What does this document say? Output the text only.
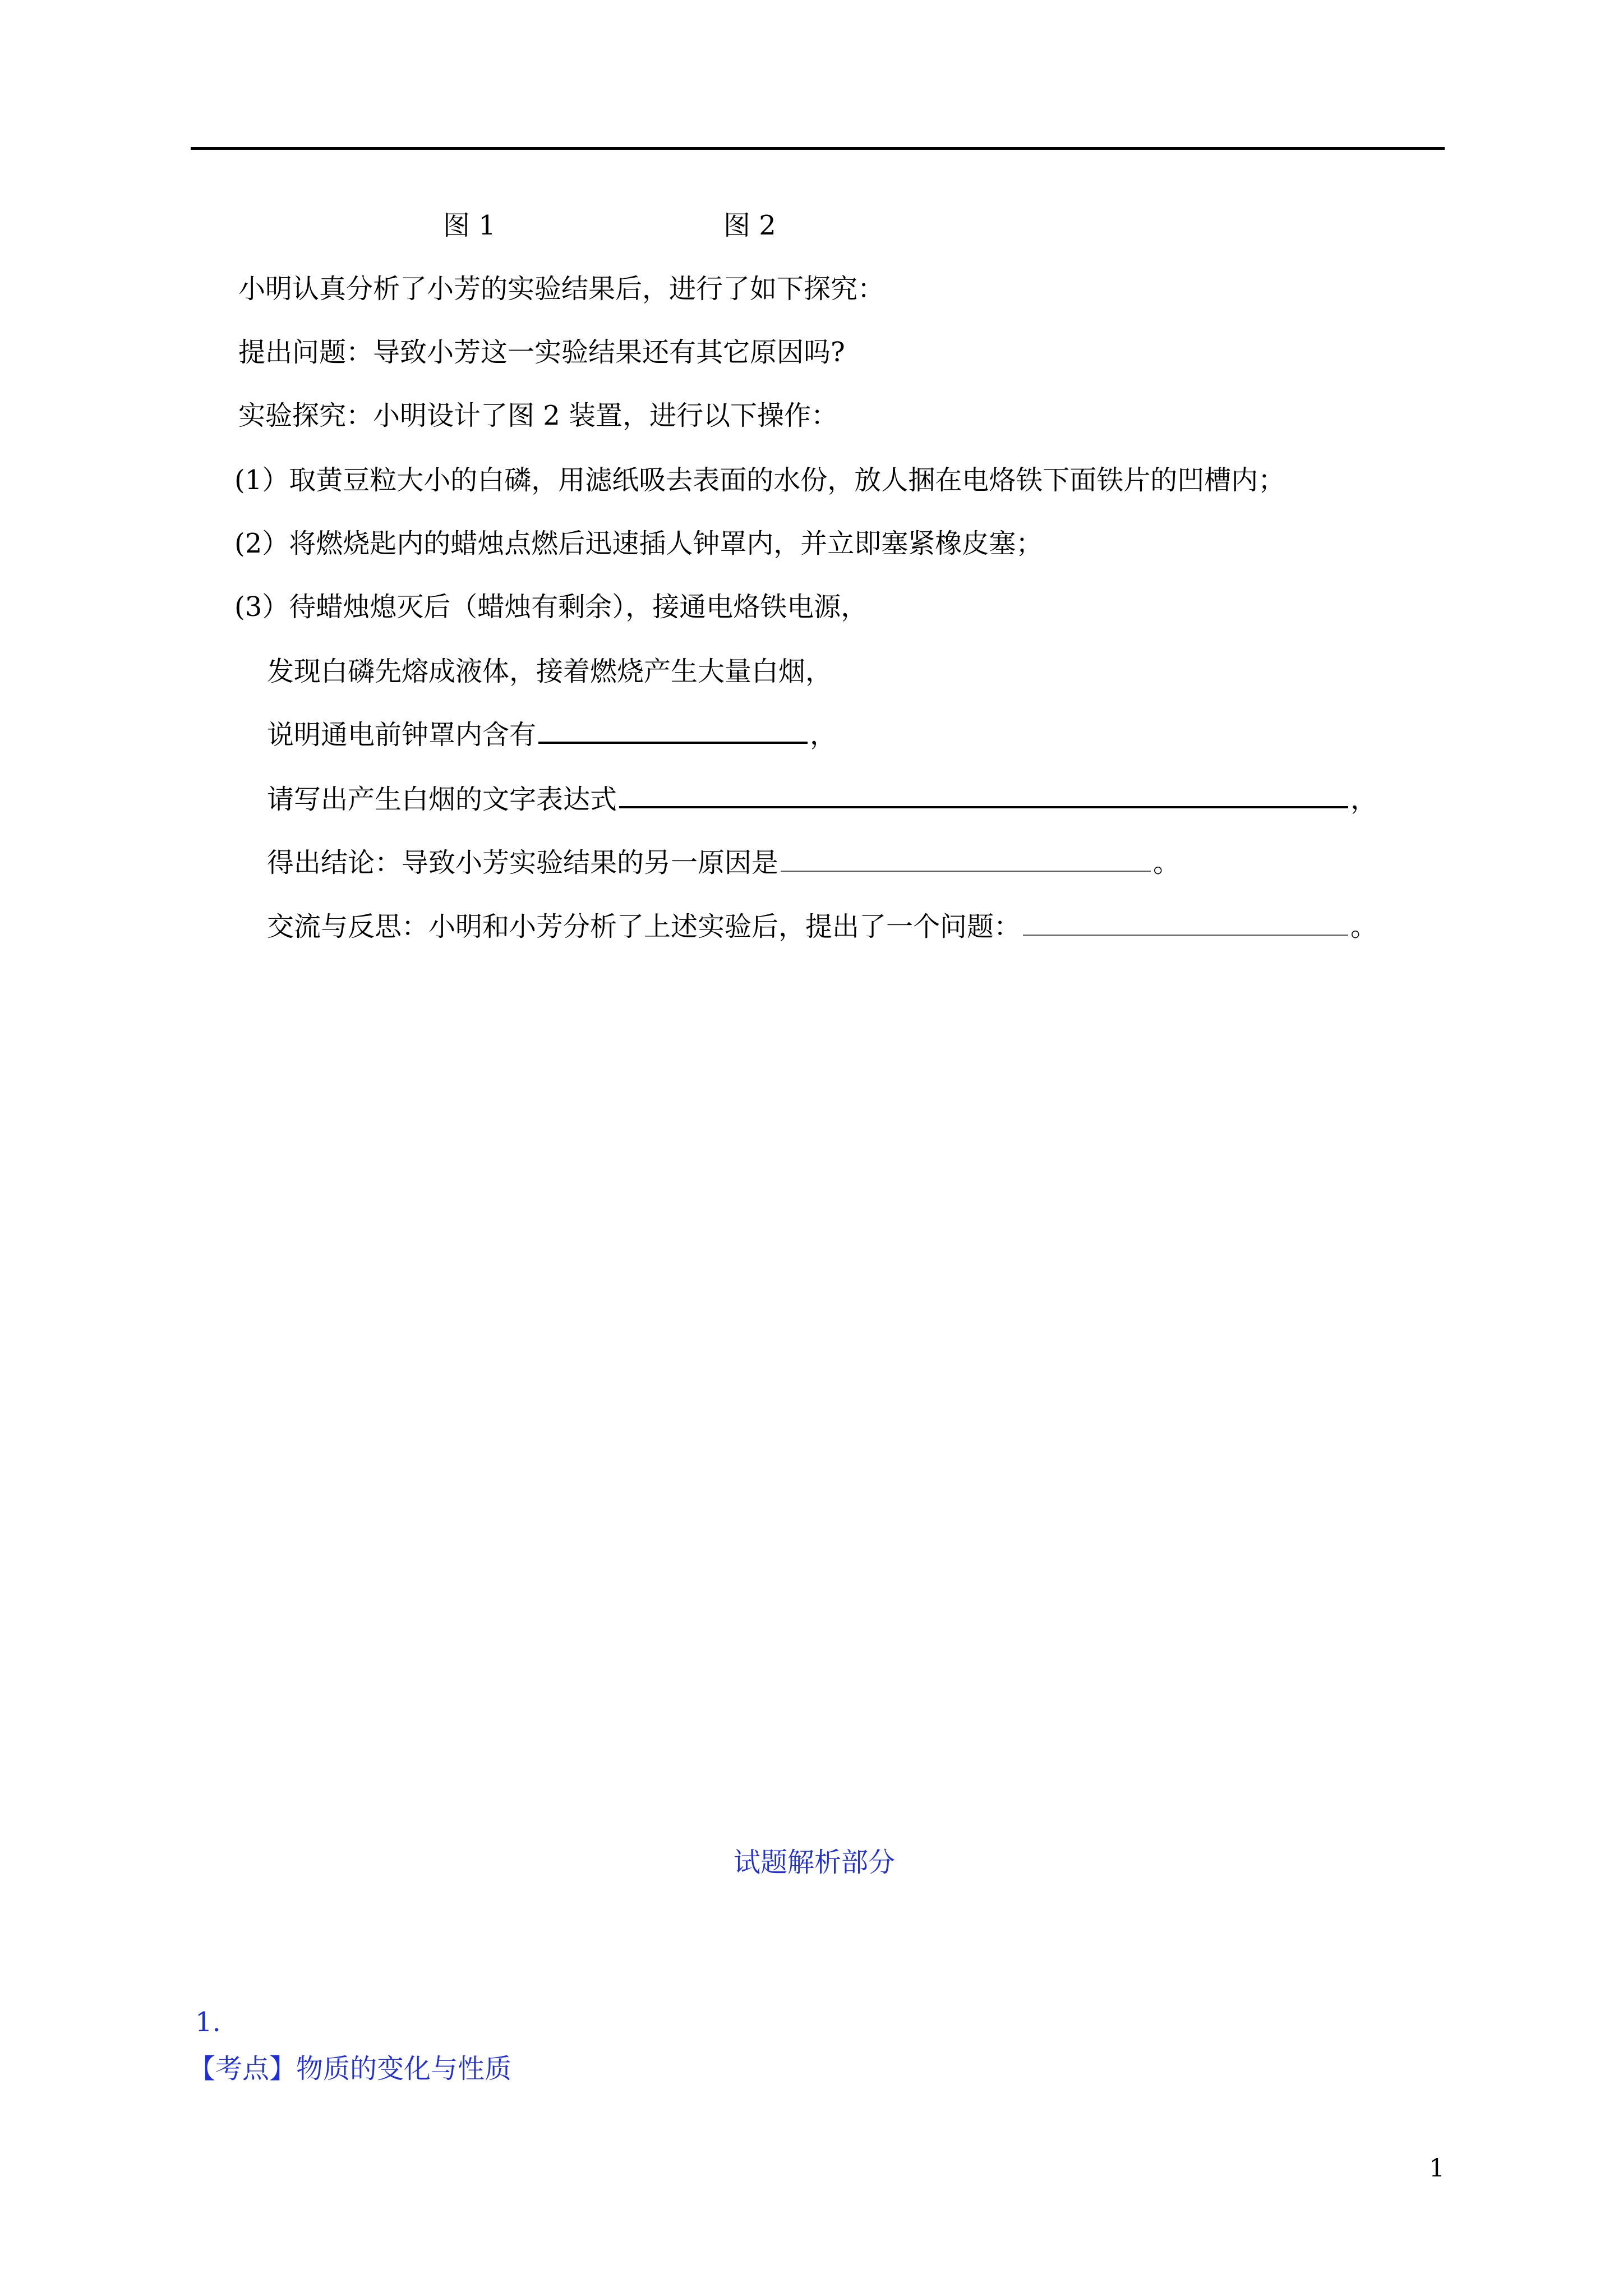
图 1	图 2
小明认真分析了小芳的实验结果后，进行了如下探究：
提出问题：导致小芳这一实验结果还有其它原因吗?
实验探究：小明设计了图 2 装置，进行以下操作：
(1）取黄豆粒大小的白磷，用滤纸吸去表面的水份，放人捆在电烙铁下面铁片的凹槽内；
(2）将燃烧匙内的蜡烛点燃后迅速插人钟罩内，并立即塞紧橡皮塞；
(3）待蜡烛熄灭后（蜡烛有剩余），接通电烙铁电源，
发现白磷先熔成液体，接着燃烧产生大量白烟，
说明通电前钟罩内含有	，
请写出产生白烟的文字表达式	，
得出结论：导致小芳实验结果的另一原因是	。
交流与反思：小明和小芳分析了上述实验后，提出了一个问题：	。
试题解析部分
1.
【考点】物质的变化与性质
1
